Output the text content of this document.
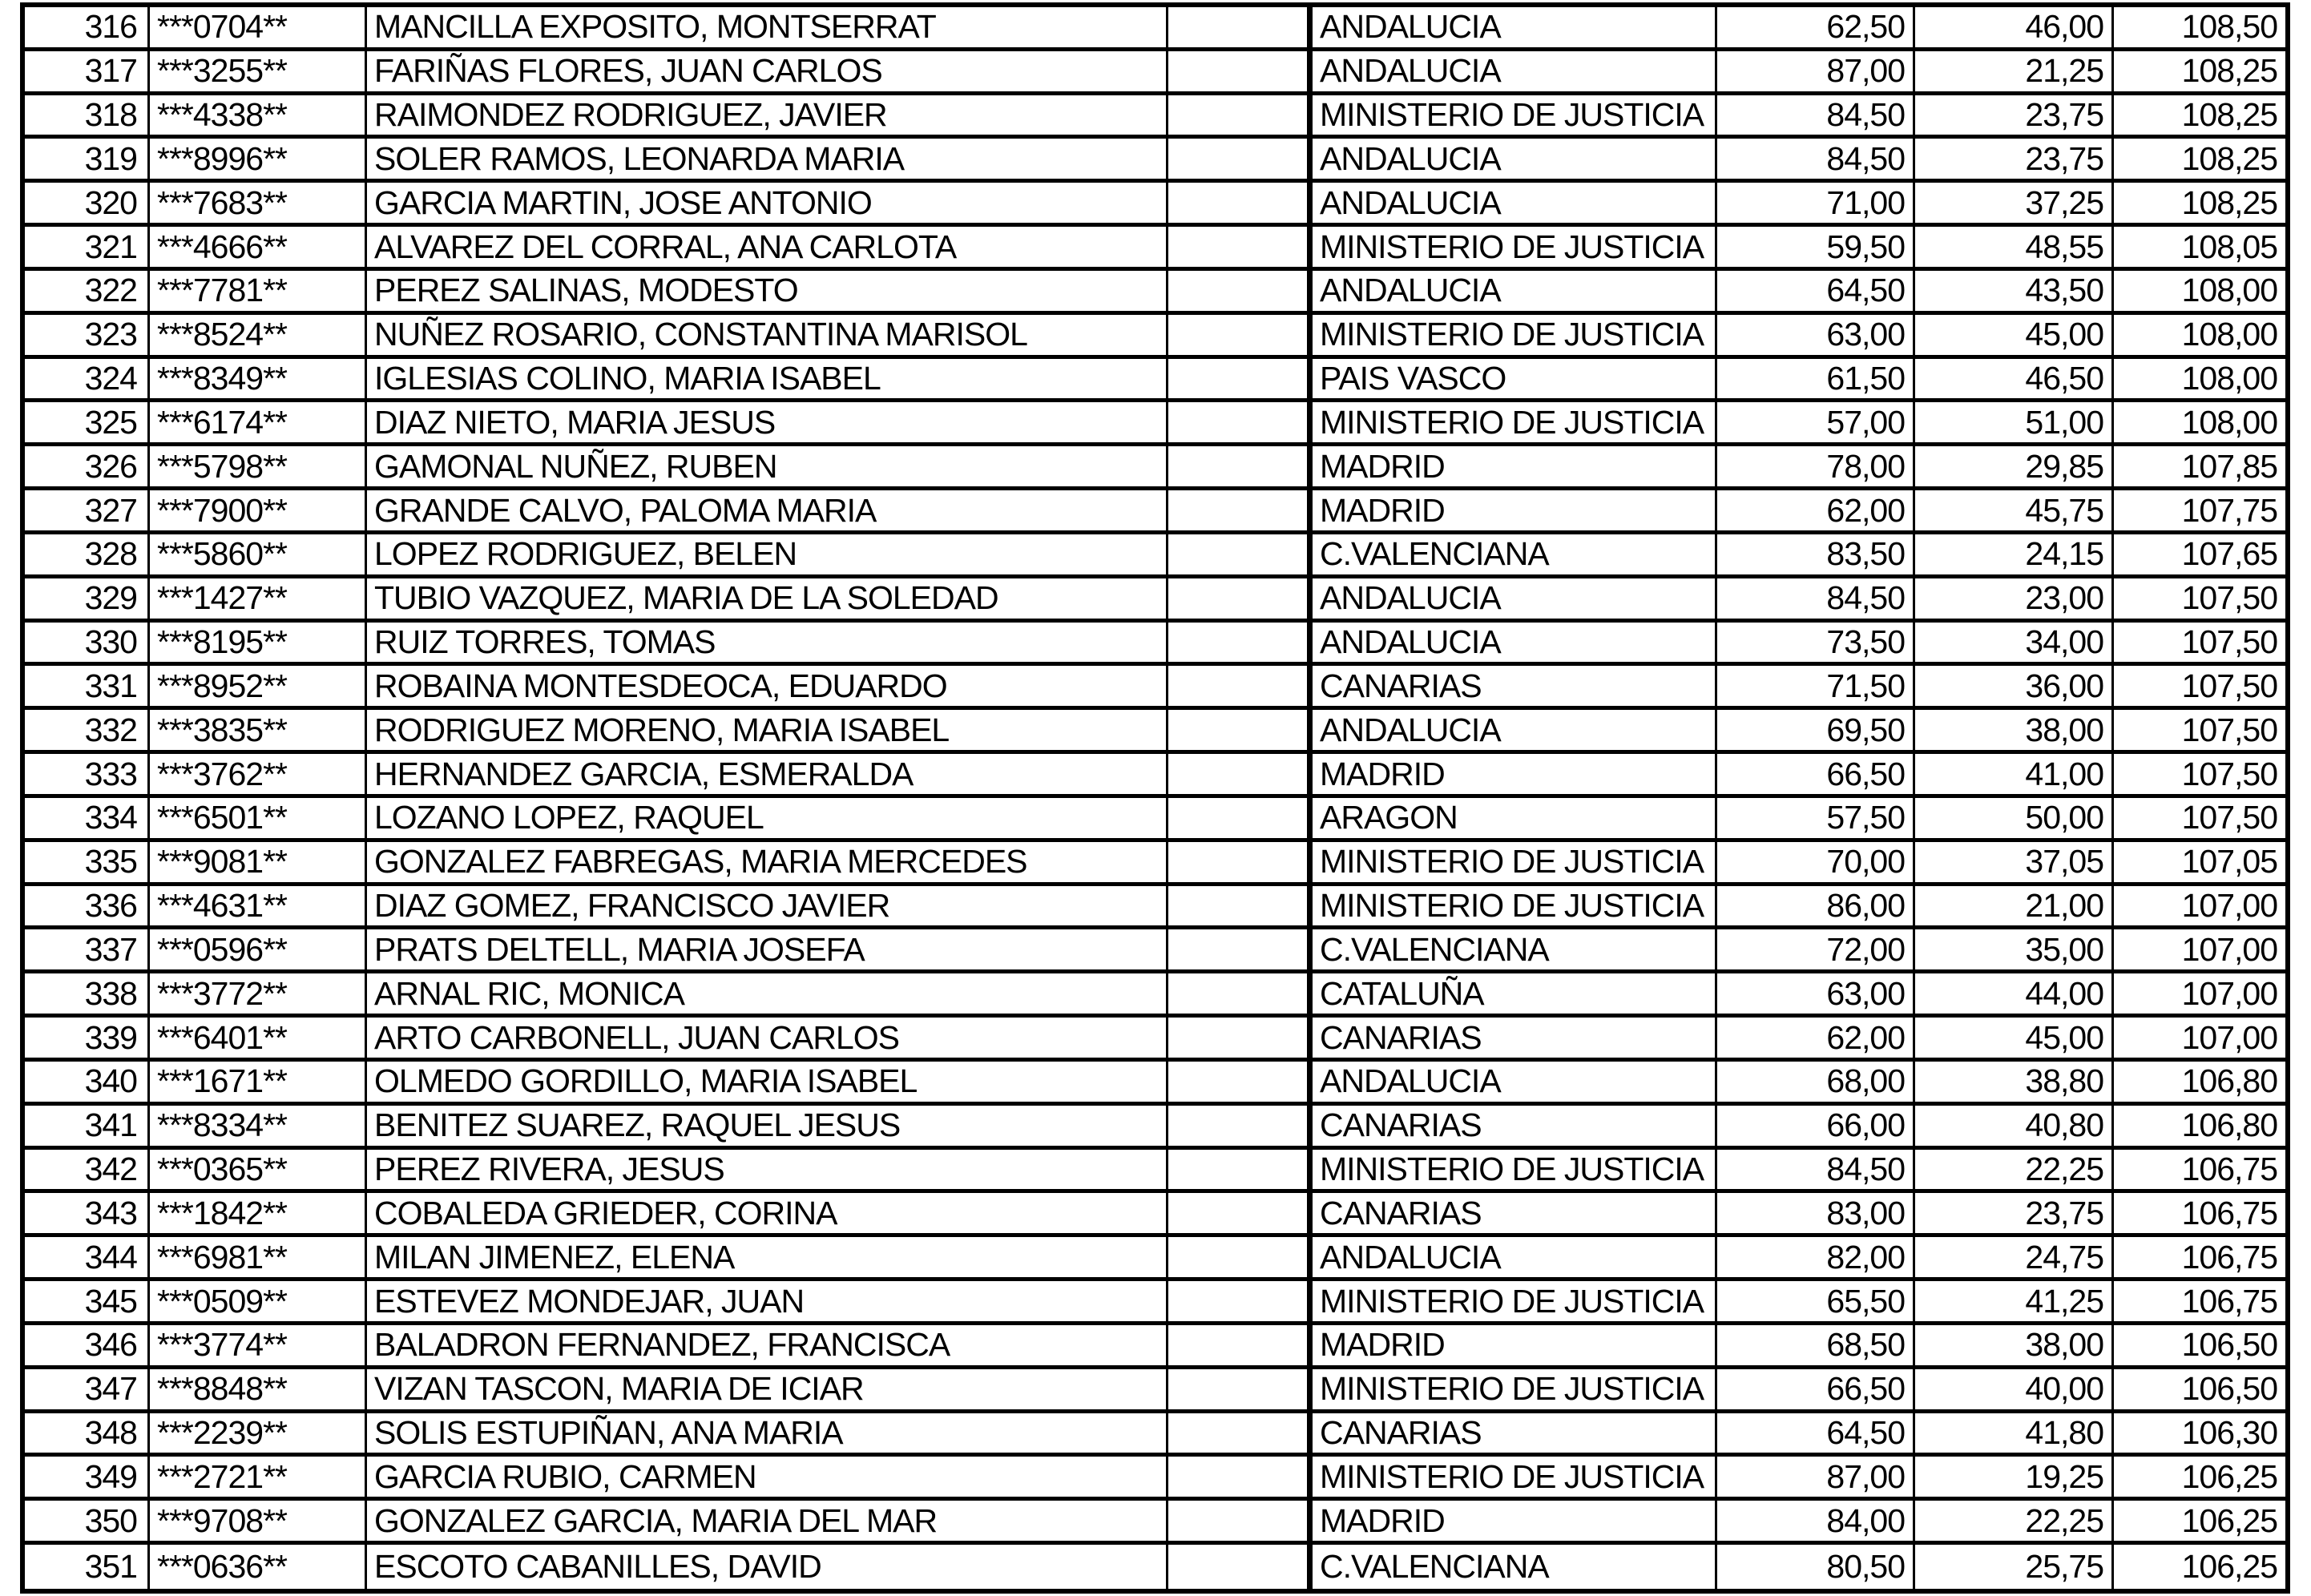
316 ***0704**	MANCILLA EXPOSITO, MONTSERRAT	ANDALUCIA	62,50	46,00	108,50
317 ***3255**	FARIÑAS FLORES, JUAN CARLOS	ANDALUCIA	87,00	21,25	108,25
318 ***4338**	RAIMONDEZ RODRIGUEZ, JAVIER	MINISTERIO DE JUSTICIA	84,50	23,75	108,25
319 ***8996**	SOLER RAMOS, LEONARDA MARIA	ANDALUCIA	84,50	23,75	108,25
320 ***7683**	GARCIA MARTIN, JOSE ANTONIO	ANDALUCIA	71,00	37,25	108,25
321 ***4666**	ALVAREZ DEL CORRAL, ANA CARLOTA	MINISTERIO DE JUSTICIA	59,50	48,55	108,05
322 ***7781**	PEREZ SALINAS, MODESTO	ANDALUCIA	64,50	43,50	108,00
323 ***8524**	NUÑEZ ROSARIO, CONSTANTINA MARISOL	MINISTERIO DE JUSTICIA	63,00	45,00	108,00
324 ***8349**	IGLESIAS COLINO, MARIA ISABEL	PAIS VASCO	61,50	46,50	108,00
325 ***6174**	DIAZ NIETO, MARIA JESUS	MINISTERIO DE JUSTICIA	57,00	51,00	108,00
326 ***5798**	GAMONAL NUÑEZ, RUBEN	MADRID	78,00	29,85	107,85
327 ***7900**	GRANDE CALVO, PALOMA MARIA	MADRID	62,00	45,75	107,75
328 ***5860**	LOPEZ RODRIGUEZ, BELEN	C.VALENCIANA	83,50	24,15	107,65
329 ***1427**	TUBIO VAZQUEZ, MARIA DE LA SOLEDAD	ANDALUCIA	84,50	23,00	107,50
330 ***8195**	RUIZ TORRES, TOMAS	ANDALUCIA	73,50	34,00	107,50
331 ***8952**	ROBAINA MONTESDEOCA, EDUARDO	CANARIAS	71,50	36,00	107,50
332 ***3835**	RODRIGUEZ MORENO, MARIA ISABEL	ANDALUCIA	69,50	38,00	107,50
333 ***3762**	HERNANDEZ GARCIA, ESMERALDA	MADRID	66,50	41,00	107,50
334 ***6501**	LOZANO LOPEZ, RAQUEL	ARAGON	57,50	50,00	107,50
335 ***9081**	GONZALEZ FABREGAS, MARIA MERCEDES	MINISTERIO DE JUSTICIA	70,00	37,05	107,05
336 ***4631**	DIAZ GOMEZ, FRANCISCO JAVIER	MINISTERIO DE JUSTICIA	86,00	21,00	107,00
337 ***0596**	PRATS DELTELL, MARIA JOSEFA	C.VALENCIANA	72,00	35,00	107,00
338 ***3772**	ARNAL RIC, MONICA	CATALUÑA	63,00	44,00	107,00
339 ***6401**	ARTO CARBONELL, JUAN CARLOS	CANARIAS	62,00	45,00	107,00
340 ***1671**	OLMEDO GORDILLO, MARIA ISABEL	ANDALUCIA	68,00	38,80	106,80
341 ***8334**	BENITEZ SUAREZ, RAQUEL JESUS	CANARIAS	66,00	40,80	106,80
342 ***0365**	PEREZ RIVERA, JESUS	MINISTERIO DE JUSTICIA	84,50	22,25	106,75
343 ***1842**	COBALEDA GRIEDER, CORINA	CANARIAS	83,00	23,75	106,75
344 ***6981**	MILAN JIMENEZ, ELENA	ANDALUCIA	82,00	24,75	106,75
345 ***0509**	ESTEVEZ MONDEJAR, JUAN	MINISTERIO DE JUSTICIA	65,50	41,25	106,75
346 ***3774**	BALADRON FERNANDEZ, FRANCISCA	MADRID	68,50	38,00	106,50
347 ***8848**	VIZAN TASCON, MARIA DE ICIAR	MINISTERIO DE JUSTICIA	66,50	40,00	106,50
348 ***2239**	SOLIS ESTUPIÑAN, ANA MARIA	CANARIAS	64,50	41,80	106,30
349 ***2721**	GARCIA RUBIO, CARMEN	MINISTERIO DE JUSTICIA	87,00	19,25	106,25
350 ***9708**	GONZALEZ GARCIA, MARIA DEL MAR	MADRID	84,00	22,25	106,25
351 ***0636**	ESCOTO CABANILLES, DAVID	C.VALENCIANA	80,50	25,75	106,25
